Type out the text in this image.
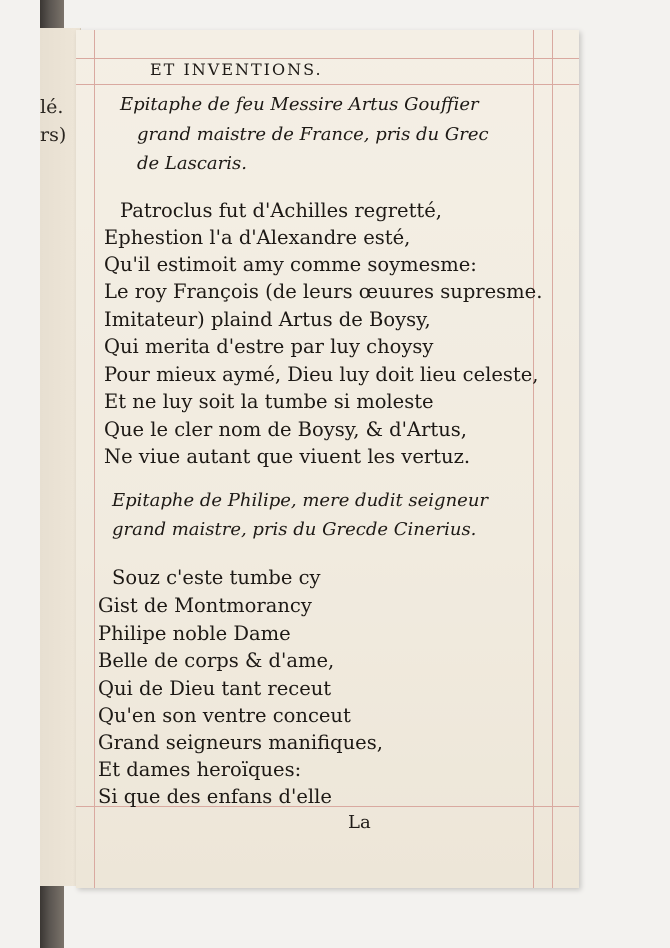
lé.
rs)
ET INVENTIONS.
Epitaphe de feu Messire Artus Gouffier
grand maistre de France, pris du Grec
de Lascaris.
Patroclus fut d'Achilles regretté,
Ephestion l'a d'Alexandre esté,
Qu'il estimoit amy comme soymesme:
Le roy François (de leurs œuures supresme.
Imitateur) plaind Artus de Boysy,
Qui merita d'estre par luy choysy
Pour mieux aymé, Dieu luy doit lieu celeste,
Et ne luy soit la tumbe si moleste
Que le cler nom de Boysy, & d'Artus,
Ne viue autant que viuent les vertuz.
Epitaphe de Philipe, mere dudit seigneur
grand maistre, pris du Grecde Cinerius.
Souz c'este tumbe cy
Gist de Montmorancy
Philipe noble Dame
Belle de corps & d'ame,
Qui de Dieu tant receut
Qu'en son ventre conceut
Grand seigneurs manifiques,
Et dames heroïques:
Si que des enfans d'elle
La
